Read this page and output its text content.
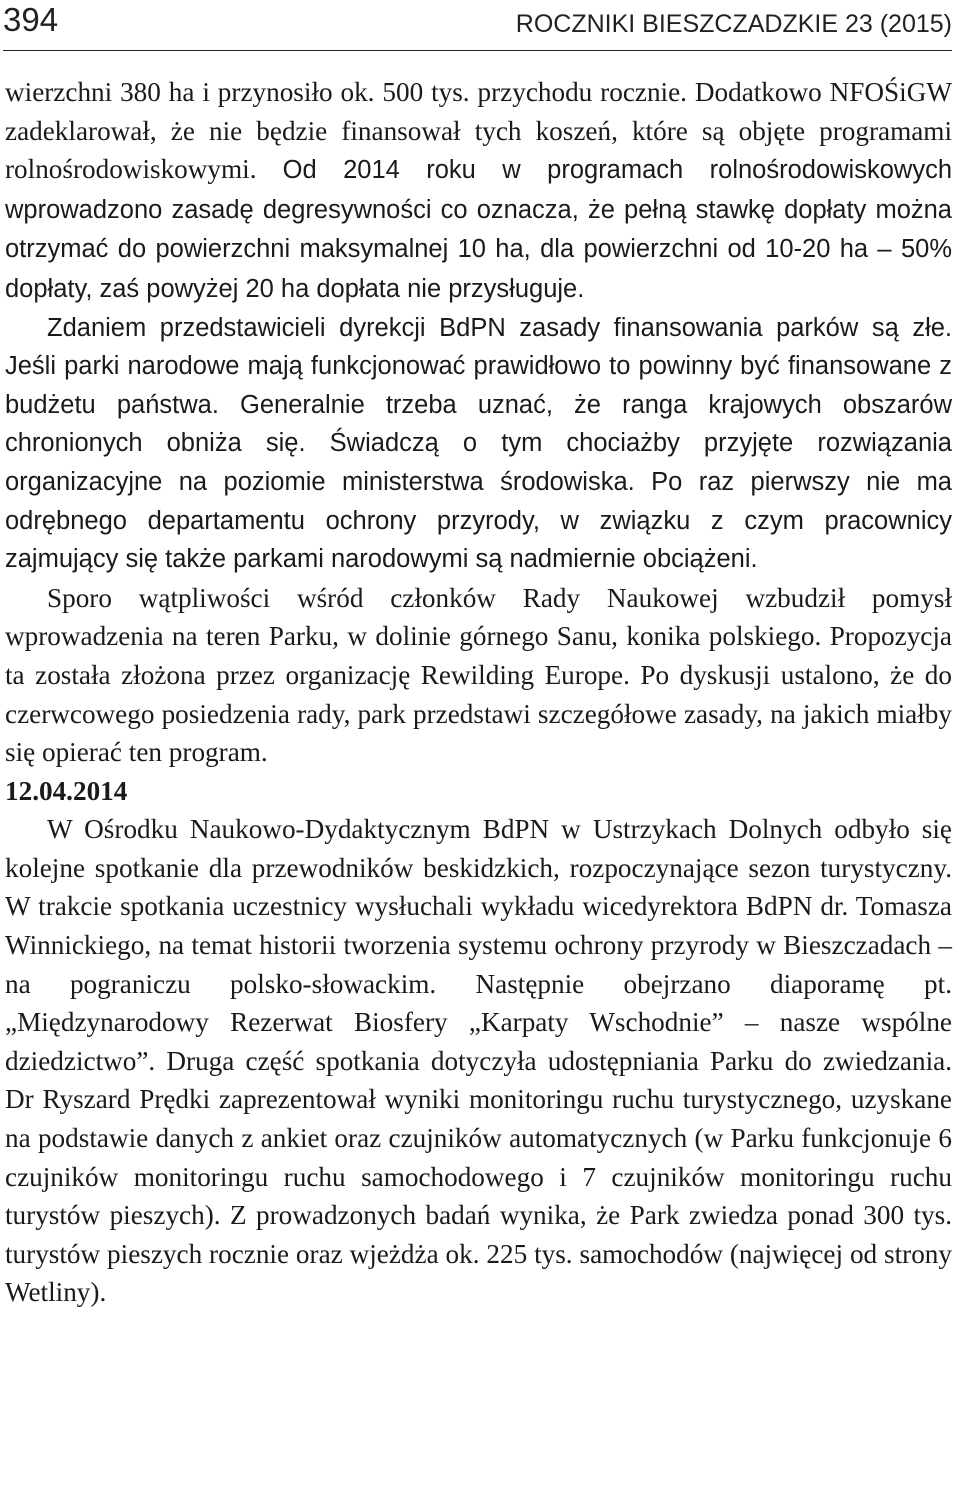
394	ROCZNIKI BIESZCZADZKIE 23 (2015)

wierzchni 380 ha i przynosiło ok. 500 tys. przychodu rocznie. Dodatkowo NFOŚiGW zadeklarował, że nie będzie finansował tych koszeń, które są objęte programami rolnośrodowiskowymi. Od 2014 roku w programach rolnośrodowiskowych wprowadzono zasadę degresywności co oznacza, że pełną stawkę dopłaty można otrzymać do powierzchni maksymalnej 10 ha, dla powierzchni od 10-20 ha – 50% dopłaty, zaś powyżej 20 ha dopłata nie przysługuje.

Zdaniem przedstawicieli dyrekcji BdPN zasady finansowania parków są złe. Jeśli parki narodowe mają funkcjonować prawidłowo to powinny być finansowane z budżetu państwa. Generalnie trzeba uznać, że ranga krajowych obszarów chronionych obniża się. Świadczą o tym chociażby przyjęte rozwiązania organizacyjne na poziomie ministerstwa środowiska. Po raz pierwszy nie ma odrębnego departamentu ochrony przyrody, w związku z czym pracownicy zajmujący się także parkami narodowymi są nadmiernie obciążeni.

Sporo wątpliwości wśród członków Rady Naukowej wzbudził pomysł wprowadzenia na teren Parku, w dolinie górnego Sanu, konika polskiego. Propozycja ta została złożona przez organizację Rewilding Europe. Po dyskusji ustalono, że do czerwcowego posiedzenia rady, park przedstawi szczegółowe zasady, na jakich miałby się opierać ten program.

12.04.2014

W Ośrodku Naukowo-Dydaktycznym BdPN w Ustrzykach Dolnych odbyło się kolejne spotkanie dla przewodników beskidzkich, rozpoczynające sezon turystyczny. W trakcie spotkania uczestnicy wysłuchali wykładu wicedyrektora BdPN dr. Tomasza Winnickiego, na temat historii tworzenia systemu ochrony przyrody w Bieszczadach – na pograniczu polsko-słowackim. Następnie obejrzano diaporamę pt. „Międzynarodowy Rezerwat Biosfery „Karpaty Wschodnie” – nasze wspólne dziedzictwo”. Druga część spotkania dotyczyła udostępniania Parku do zwiedzania. Dr Ryszard Prędki zaprezentował wyniki monitoringu ruchu turystycznego, uzyskane na podstawie danych z ankiet oraz czujników automatycznych (w Parku funkcjonuje 6 czujników monitoringu ruchu samochodowego i 7 czujników monitoringu ruchu turystów pieszych). Z prowadzonych badań wynika, że Park zwiedza ponad 300 tys. turystów pieszych rocznie oraz wjeżdża ok. 225 tys. samochodów (najwięcej od strony Wetliny).
